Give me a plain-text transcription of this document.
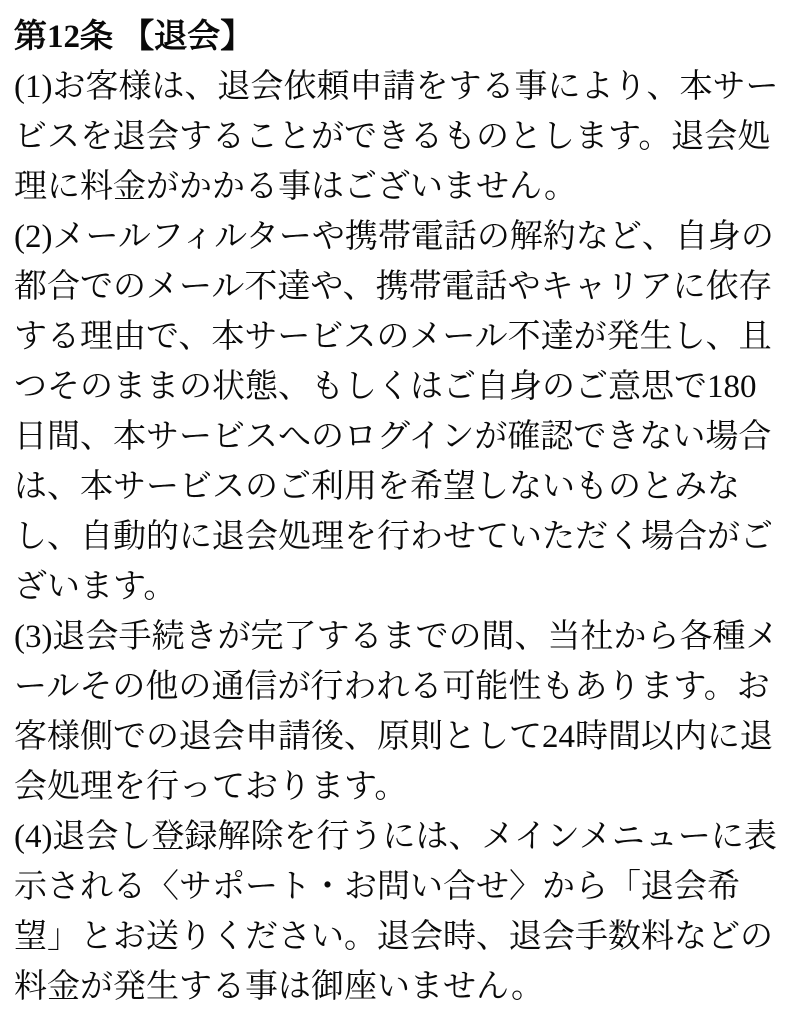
第12条 【退会】
(1)お客様は、退会依頼申請をする事により、本サー
ビスを退会することができるものとします。退会処
理に料金がかかる事はございません。
(2)メールフィルターや携帯電話の解約など、自身の
都合でのメール不達や、携帯電話やキャリアに依存
する理由で、本サービスのメール不達が発生し、且
つそのままの状態、もしくはご自身のご意思で180
日間、本サービスへのログインが確認できない場合
は、本サービスのご利用を希望しないものとみな
し、自動的に退会処理を行わせていただく場合がご
ざいます。
(3)退会手続きが完了するまでの間、当社から各種メ
ールその他の通信が行われる可能性もあります。お
客様側での退会申請後、原則として24時間以内に退
会処理を行っております。
(4)退会し登録解除を行うには、メインメニューに表
示される〈サポート・お問い合せ〉から「退会希
望」とお送りください。退会時、退会手数料などの
料金が発生する事は御座いません。
